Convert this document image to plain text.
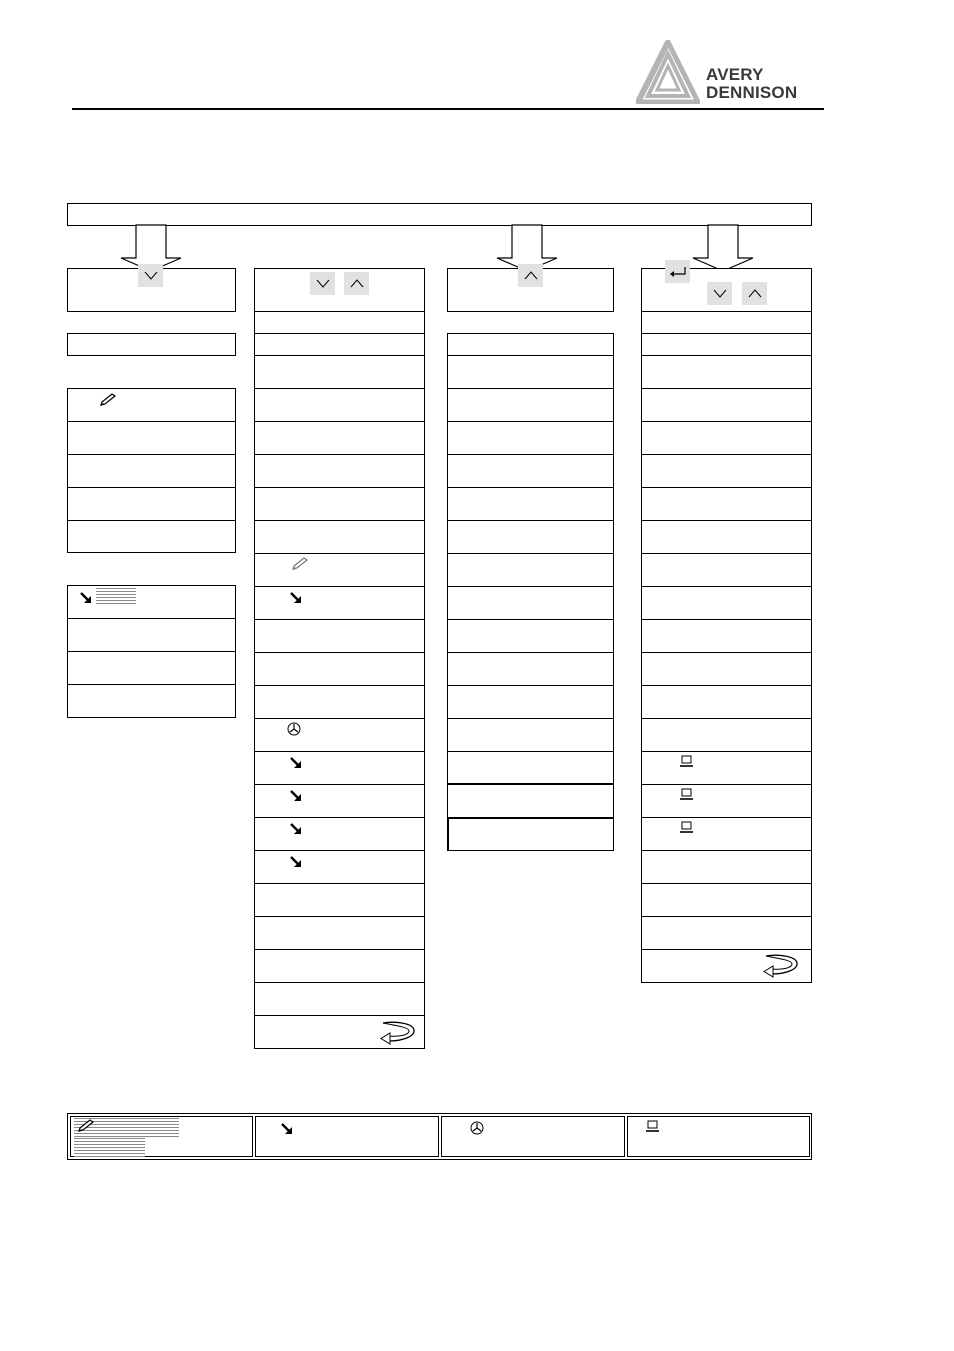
AVERY
DENNISON
